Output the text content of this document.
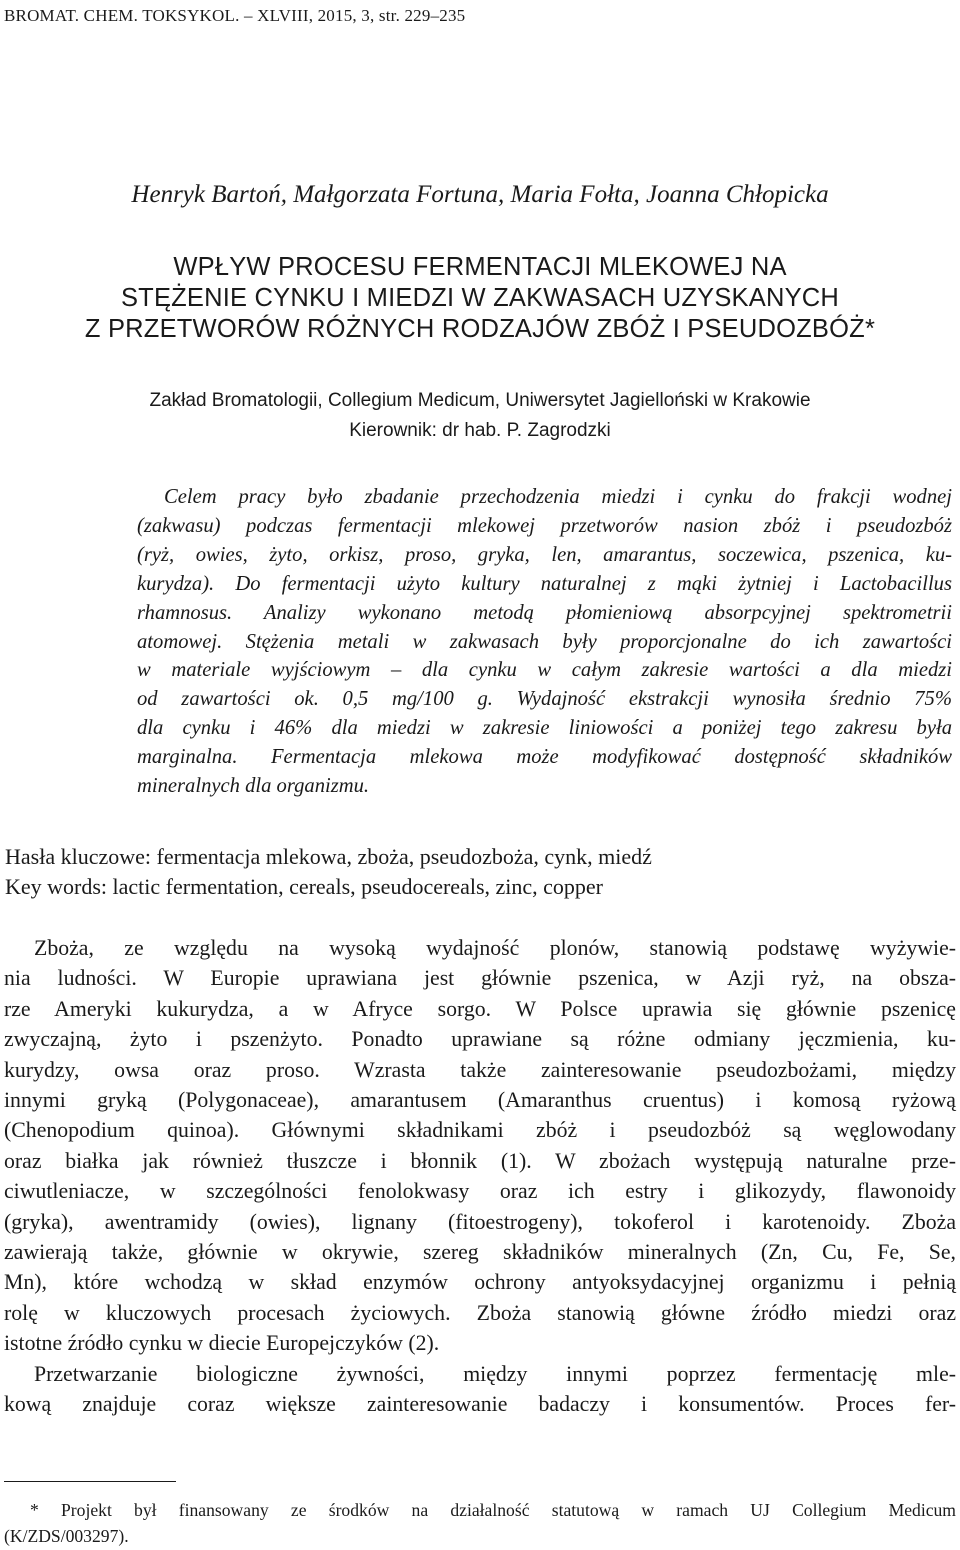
BROMAT. CHEM. TOKSYKOL. – XLVIII, 2015, 3, str. 229–235
Henryk Bartoń, Małgorzata Fortuna, Maria Fołta, Joanna Chłopicka
WPŁYW PROCESU FERMENTACJI MLEKOWEJ NA
STĘŻENIE CYNKU I MIEDZI W ZAKWASACH UZYSKANYCH
Z PRZETWORÓW RÓŻNYCH RODZAJÓW ZBÓŻ I PSEUDOZBÓŻ*
Zakład Bromatologii, Collegium Medicum, Uniwersytet Jagielloński w Krakowie
Kierownik: dr hab. P. Zagrodzki
Celem pracy było zbadanie przechodzenia miedzi i cynku do frakcji wodnej
(zakwasu) podczas fermentacji mlekowej przetworów nasion zbóż i pseudozbóż
(ryż, owies, żyto, orkisz, proso, gryka, len, amarantus, soczewica, pszenica, ku-
kurydza). Do fermentacji użyto kultury naturalnej z mąki żytniej i Lactobacillus
rhamnosus. Analizy wykonano metodą płomieniową absorpcyjnej spektrometrii
atomowej. Stężenia metali w zakwasach były proporcjonalne do ich zawartości
w materiale wyjściowym – dla cynku w całym zakresie wartości a dla miedzi
od zawartości ok. 0,5 mg/100 g. Wydajność ekstrakcji wynosiła średnio 75%
dla cynku i 46% dla miedzi w zakresie liniowości a poniżej tego zakresu była
marginalna. Fermentacja mlekowa może modyfikować dostępność składników
mineralnych dla organizmu.
Hasła kluczowe: fermentacja mlekowa, zboża, pseudozboża, cynk, miedź
Key words: lactic fermentation, cereals, pseudocereals, zinc, copper
Zboża, ze względu na wysoką wydajność plonów, stanowią podstawę wyżywie-
nia ludności. W Europie uprawiana jest głównie pszenica, w Azji ryż, na obsza-
rze Ameryki kukurydza, a w Afryce sorgo. W Polsce uprawia się głównie pszenicę
zwyczajną, żyto i pszenżyto. Ponadto uprawiane są różne odmiany jęczmienia, ku-
kurydzy, owsa oraz proso. Wzrasta także zainteresowanie pseudozbożami, między
innymi gryką (Polygonaceae), amarantusem (Amaranthus cruentus) i komosą ryżową
(Chenopodium quinoa). Głównymi składnikami zbóż i pseudozbóż są węglowodany
oraz białka jak również tłuszcze i błonnik (1). W zbożach występują naturalne prze-
ciwutleniacze, w szczególności fenolokwasy oraz ich estry i glikozydy, flawonoidy
(gryka), awentramidy (owies), lignany (fitoestrogeny), tokoferol i karotenoidy. Zboża
zawierają także, głównie w okrywie, szereg składników mineralnych (Zn, Cu, Fe, Se,
Mn), które wchodzą w skład enzymów ochrony antyoksydacyjnej organizmu i pełnią
rolę w kluczowych procesach życiowych. Zboża stanowią główne źródło miedzi oraz
istotne źródło cynku w diecie Europejczyków (2).
Przetwarzanie biologiczne żywności, między innymi poprzez fermentację mle-
kową znajduje coraz większe zainteresowanie badaczy i konsumentów. Proces fer-
* Projekt był finansowany ze środków na działalność statutową w ramach UJ Collegium Medicum
(K/ZDS/003297).
